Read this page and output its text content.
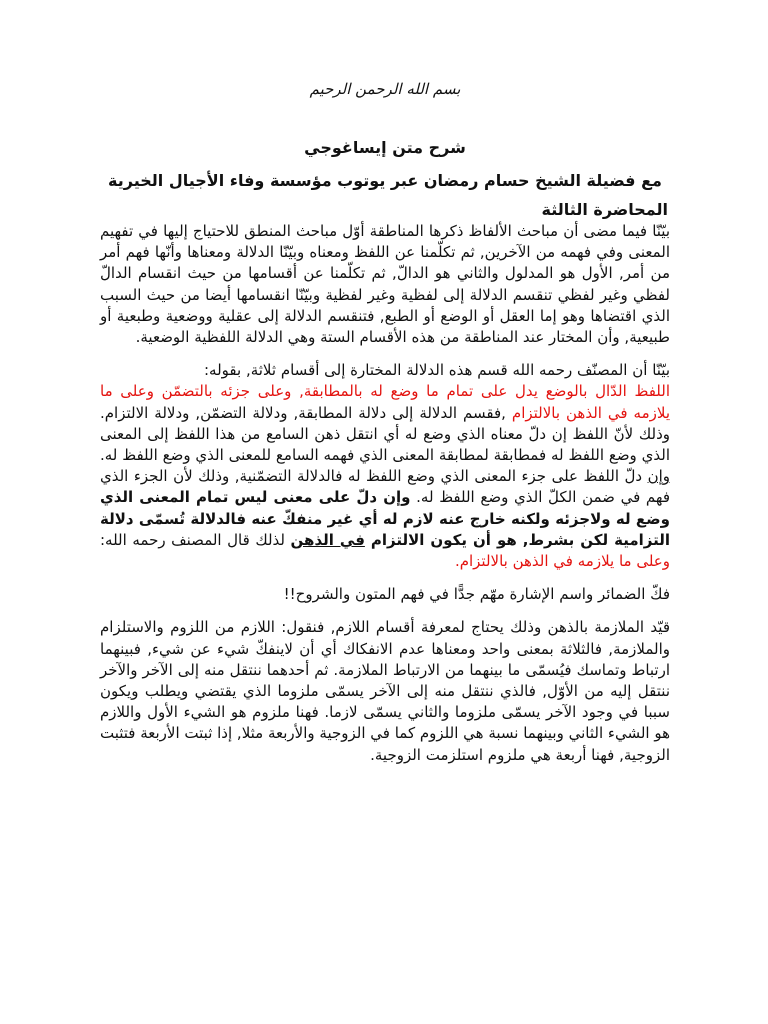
بسم الله الرحمن الرحيم
شرح متن إيساغوجي
مع فضيلة الشيخ حسام رمضان عبر يوتوب مؤسسة وفاء الأجيال الخيرية
المحاضرة الثالثة

بيّنّا فيما مضى أن مباحث الألفاظ ذكرها المناطقة أوّل مباحث المنطق للاحتياج إليها في تفهيم المعنى وفي فهمه من الآخرين, ثم تكلّمنا عن اللفظ ومعناه وبيّنّا الدلالة ومعناها وأنّها فهم أمر من أمر, الأول هو المدلول والثاني هو الدالّ, ثم تكلّمنا عن أقسامها من حيث انقسام الدالّ لفظي وغير لفظي تنقسم الدلالة إلى لفظية وغير لفظية وبيّنّا انقسامها أيضا من حيث السبب الذي اقتضاها وهو إما العقل أو الوضع أو الطبع, فتنقسم الدلالة إلى عقلية ووضعية وطبعية أو طبيعية, وأن المختار عند المناطقة من هذه الأقسام الستة وهي الدلالة اللفظية الوضعية.

بيّنّا أن المصنّف رحمه الله قسم هذه الدلالة المختارة إلى أقسام ثلاثة, بقوله:
اللفظ الدّال بالوضع يدل على تمام ما وضع له بالمطابقة, وعلى جزئه بالتضمّن وعلى ما يلازمه في الذهن بالالتزام ,فقسم الدلالة إلى دلالة المطابقة, ودلالة التضمّن, ودلالة الالتزام. وذلك لأنّ اللفظ إن دلّ معناه الذي وضع له أي انتقل ذهن السامع من هذا اللفظ إلى المعنى الذي وضع اللفظ له فمطابقة لمطابقة المعنى الذي فهمه السامع للمعنى الذي وضع اللفظ له. وإن دلّ اللفظ على جزء المعنى الذي وضع اللفظ له فالدلالة التضمّنية, وذلك لأن الجزء الذي فهم في ضمن الكلّ الذي وضع اللفظ له. وإن دلّ على معنى ليس تمام المعنى الذي وضع له ولاجزئه ولكنه خارج عنه لازم له أي غير منفكّ عنه فالدلالة تُسمّى دلالة التزامية لكن بشرط, هو أن يكون الالتزام في الذهن لذلك قال المصنف رحمه الله: وعلى ما يلازمه في الذهن بالالتزام.

فكّ الضمائر واسم الإشارة مهّم جدًّا في فهم المتون والشروح!!

قيّد الملازمة بالذهن وذلك يحتاج لمعرفة أقسام اللازم, فنقول: اللازم من اللزوم والاستلزام والملازمة, فالثلاثة بمعنى واحد ومعناها عدم الانفكاك أي أن لاينفكّ شيء عن شيء, فبينهما ارتباط وتماسك فيُسمّى ما بينهما من الارتباط الملازمة. ثم أحدهما ننتقل منه إلى الآخر والآخر ننتقل إليه من الأوّل, فالذي ننتقل منه إلى الآخر يسمّى ملزوما الذي يقتضي ويطلب ويكون سببا في وجود الآخر يسمّى ملزوما والثاني يسمّى لازما. فهنا ملزوم هو الشيء الأول واللازم هو الشيء الثاني وبينهما نسبة هي اللزوم كما في الزوجية والأربعة مثلا, إذا ثبتت الأربعة فتثبت الزوجية, فهنا أربعة هي ملزوم استلزمت الزوجية.
